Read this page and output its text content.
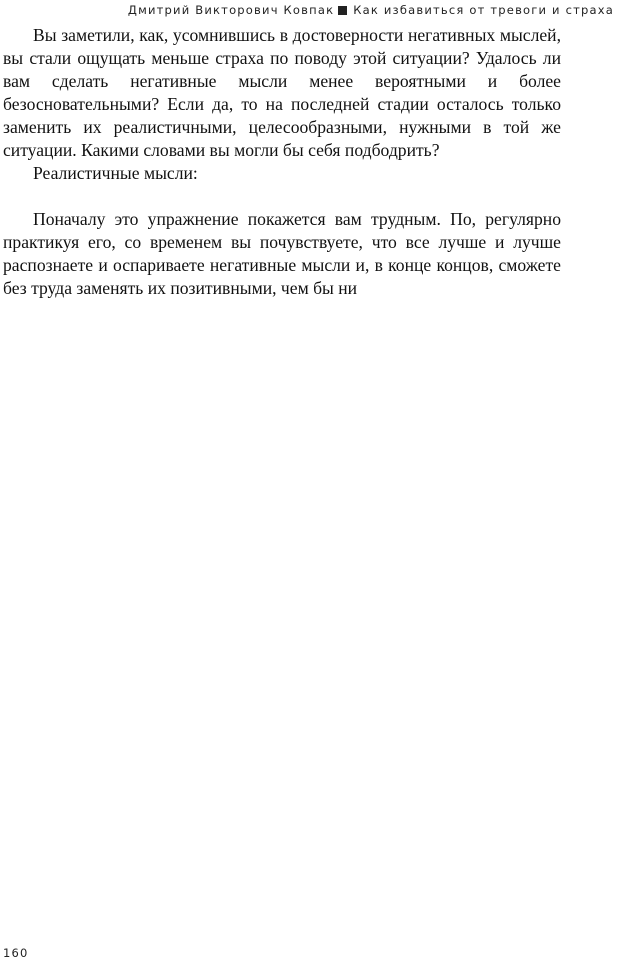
Дмитрий Викторович Ковпак Как избавиться от тревоги и страха

Вы заметили, как, усомнившись в достоверности негативных мыслей, вы стали ощущать меньше страха по поводу этой ситуации? Удалось ли вам сделать негативные мысли менее вероятными и более безосновательными? Если да, то на последней стадии осталось только заменить их реалистичными, целесообразными, нужными в той же ситуации. Какими словами вы могли бы себя подбодрить?

Реалистичные мысли:

Поначалу это упражнение покажется вам трудным. По, регулярно практикуя его, со временем вы почувствуете, что все лучше и лучше распознаете и оспариваете негативные мысли и, в конце концов, сможете без труда заменять их позитивными, чем бы ни

160
